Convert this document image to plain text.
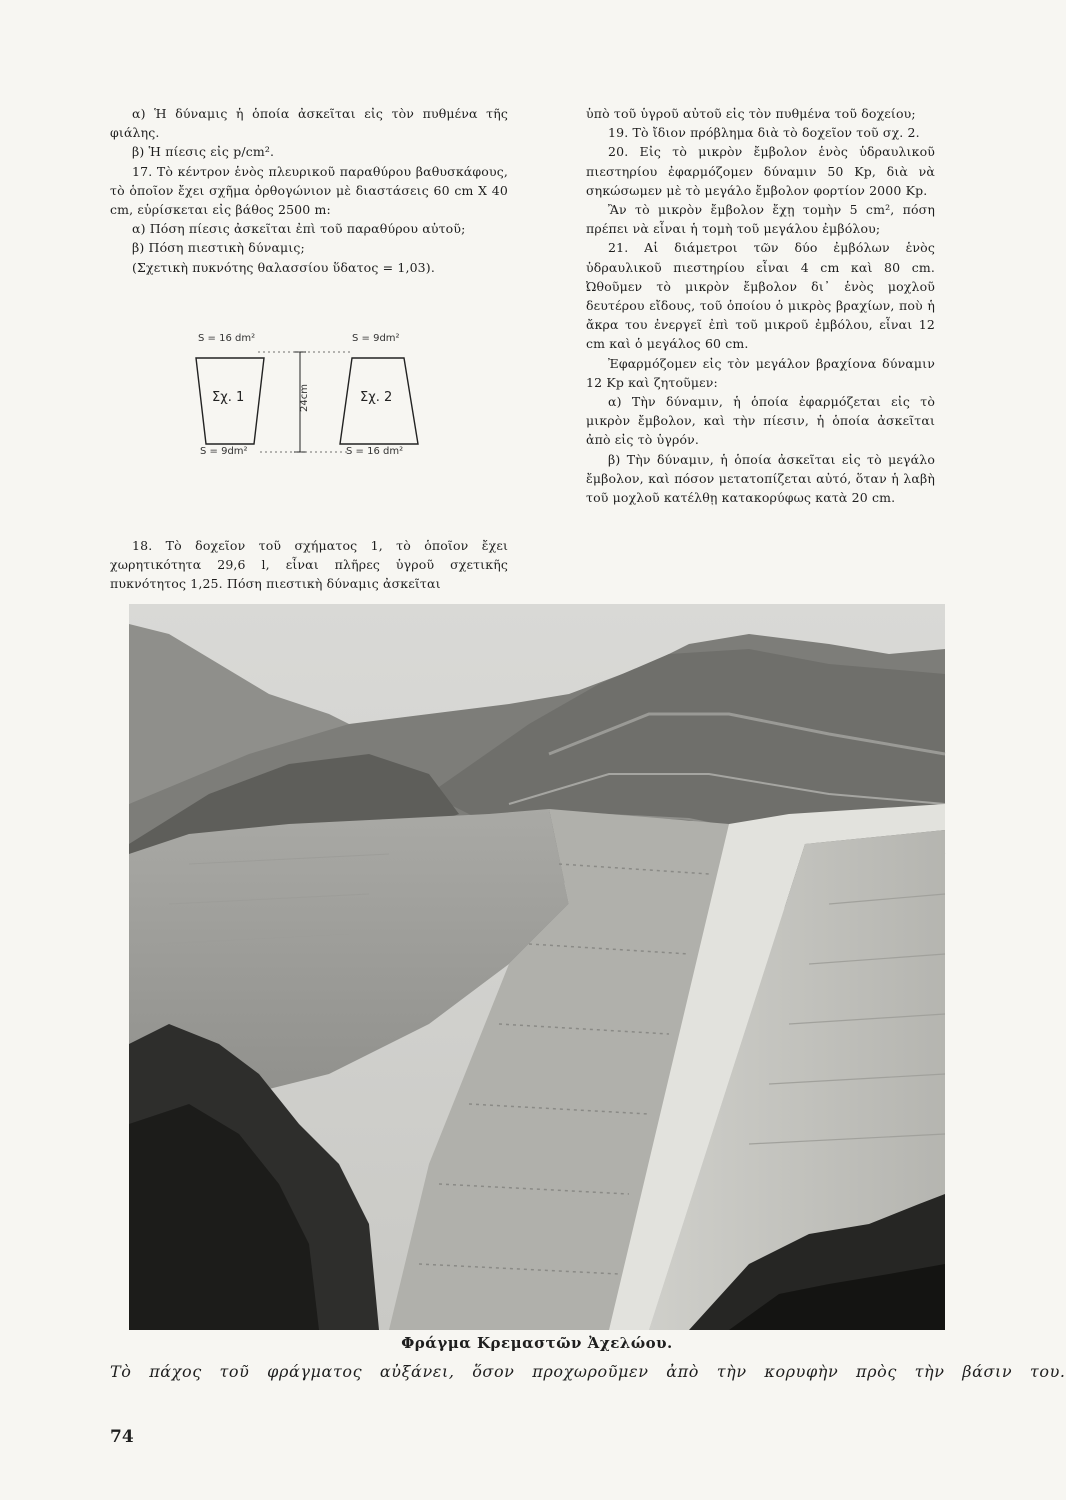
α) Ἡ δύναμις ἡ ὁποία ἀσκεῖται εἰς τὸν πυθμένα τῆς φιάλης.

β) Ἡ πίεσις εἰς p/cm².

17. Τὸ κέντρον ἑνὸς πλευρικοῦ παραθύρου βαθυσκάφους, τὸ ὁποῖον ἔχει σχῆμα ὀρθογώνιον μὲ διαστάσεις 60 cm X 40 cm, εὑρίσκεται εἰς βάθος 2500 m:

α) Πόση πίεσις ἀσκεῖται ἐπὶ τοῦ παραθύρου αὐτοῦ;

β) Πόση πιεστικὴ δύναμις;

(Σχετικὴ πυκνότης θαλασσίου ὕδατος = 1,03).

24cm
S = 16 dm²
Σχ. 1
S = 9dm²
S = 9dm²
Σχ. 2
S = 16 dm²

18. Τὸ δοχεῖον τοῦ σχήματος 1, τὸ ὁποῖον ἔχει χωρητικότητα 29,6 l, εἶναι πλῆρες ὑγροῦ σχετικῆς πυκνότητος 1,25. Πόση πιεστικὴ δύναμις ἀσκεῖται

ὑπὸ τοῦ ὑγροῦ αὐτοῦ εἰς τὸν πυθμένα τοῦ δοχείου;

19. Τὸ ἴδιον πρόβλημα διὰ τὸ δοχεῖον τοῦ σχ. 2.

20. Εἰς τὸ μικρὸν ἔμβολον ἑνὸς ὑδραυλικοῦ πιεστηρίου ἐφαρμόζομεν δύναμιν 50 Kp, διὰ νὰ σηκώσωμεν μὲ τὸ μεγάλο ἔμβολον φορτίον 2000 Kp.

Ἂν τὸ μικρὸν ἔμβολον ἔχῃ τομὴν 5 cm², πόση πρέπει νὰ εἶναι ἡ τομὴ τοῦ μεγάλου ἐμβόλου;

21. Αἱ διάμετροι τῶν δύο ἐμβόλων ἑνὸς ὑδραυλικοῦ πιεστηρίου εἶναι 4 cm καὶ 80 cm. Ὠθοῦμεν τὸ μικρὸν ἔμβολον δι᾽ ἑνὸς μοχλοῦ δευτέρου εἴδους, τοῦ ὁποίου ὁ μικρὸς βραχίων, ποὺ ἡ ἄκρα του ἐνεργεῖ ἐπὶ τοῦ μικροῦ ἐμβόλου, εἶναι 12 cm καὶ ὁ μεγάλος 60 cm.

Ἐφαρμόζομεν εἰς τὸν μεγάλον βραχίονα δύναμιν 12 Kp καὶ ζητοῦμεν:

α) Τὴν δύναμιν, ἡ ὁποία ἐφαρμόζεται εἰς τὸ μικρὸν ἔμβολον, καὶ τὴν πίεσιν, ἡ ὁποία ἀσκεῖται ἀπὸ εἰς τὸ ὑγρόν.

β) Τὴν δύναμιν, ἡ ὁποία ἀσκεῖται εἰς τὸ μεγάλο ἔμβολον, καὶ πόσον μετατοπίζεται αὐτό, ὅταν ἡ λαβὴ τοῦ μοχλοῦ κατέλθῃ κατακορύφως κατὰ 20 cm.

Φράγμα Κρεμαστῶν Ἀχελώου.
Τὸ πάχος τοῦ φράγματος αὐξάνει, ὅσον προχωροῦμεν ἀπὸ τὴν κορυφὴν πρὸς τὴν βάσιν του.
74
